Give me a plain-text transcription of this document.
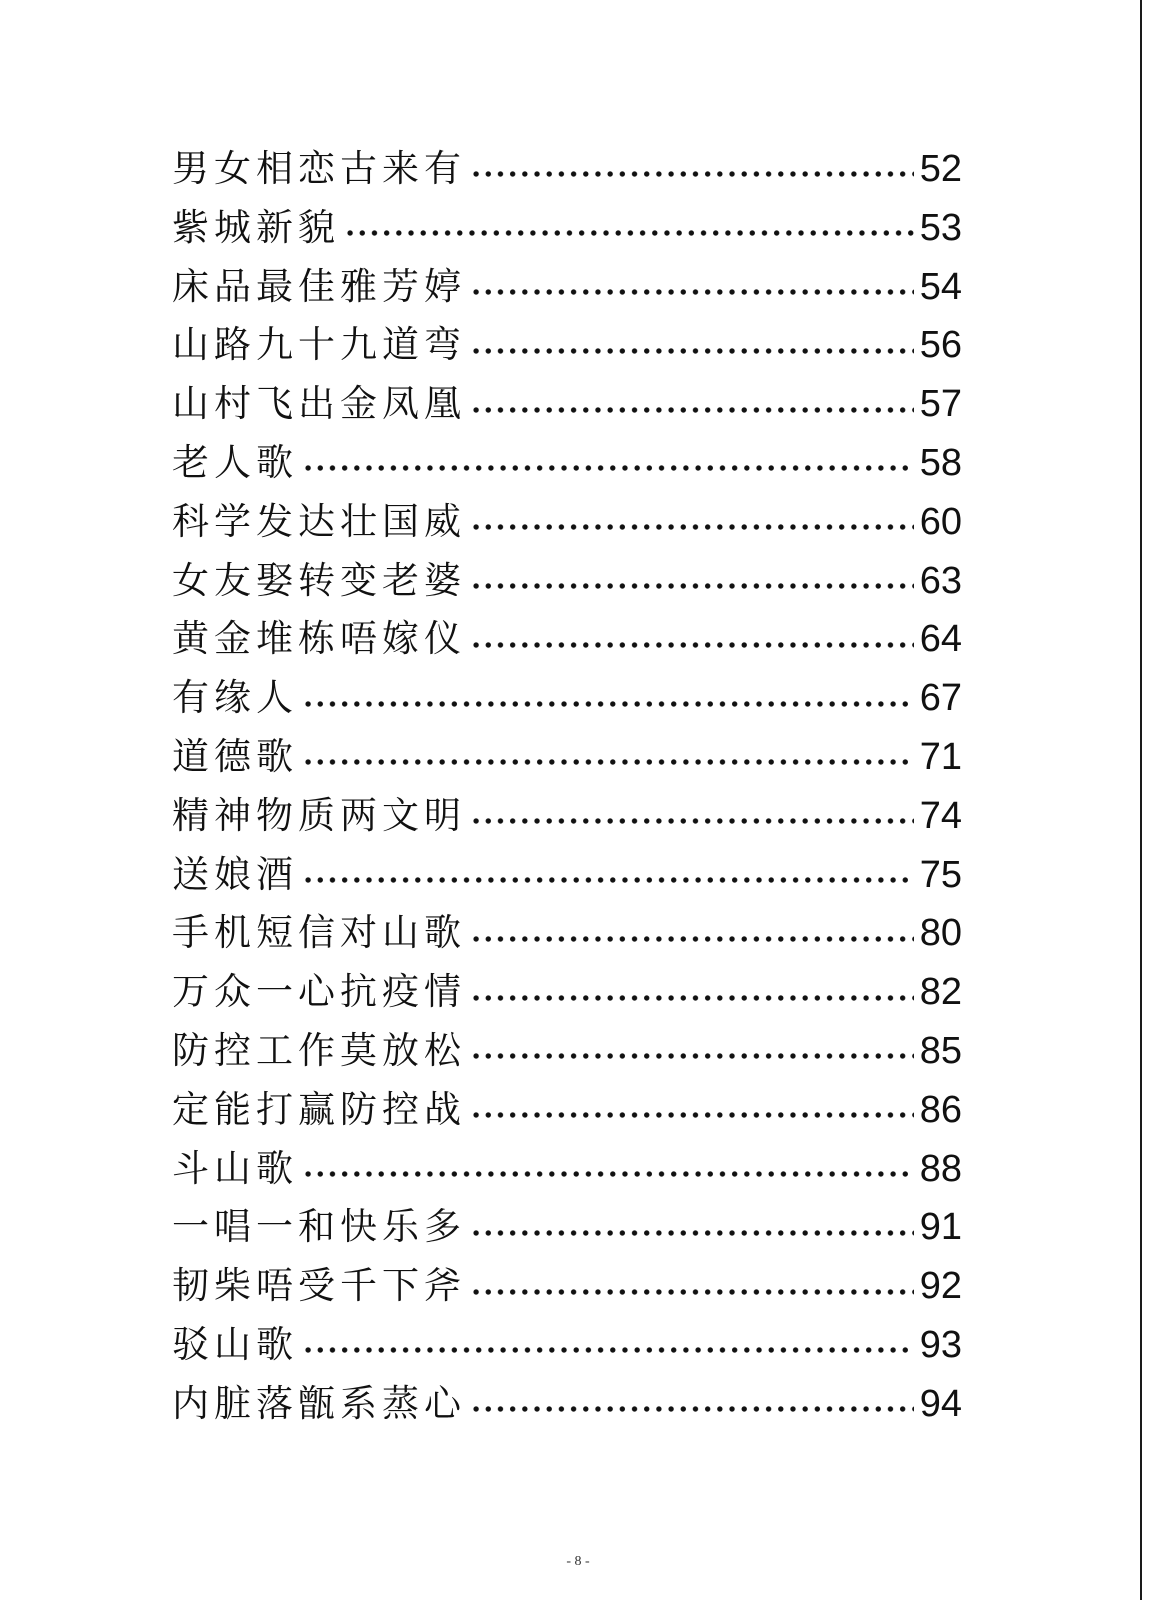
男女相恋古来有	52
紫城新貌	53
床品最佳雅芳婷	54
山路九十九道弯	56
山村飞出金凤凰	57
老人歌	58
科学发达壮国威	60
女友娶转变老婆	63
黄金堆栋唔嫁仪	64
有缘人	67
道德歌	71
精神物质两文明	74
送娘酒	75
手机短信对山歌	80
万众一心抗疫情	82
防控工作莫放松	85
定能打赢防控战	86
斗山歌	88
一唱一和快乐多	91
韧柴唔受千下斧	92
驳山歌	93
内脏落甑系蒸心	94
- 8 -
